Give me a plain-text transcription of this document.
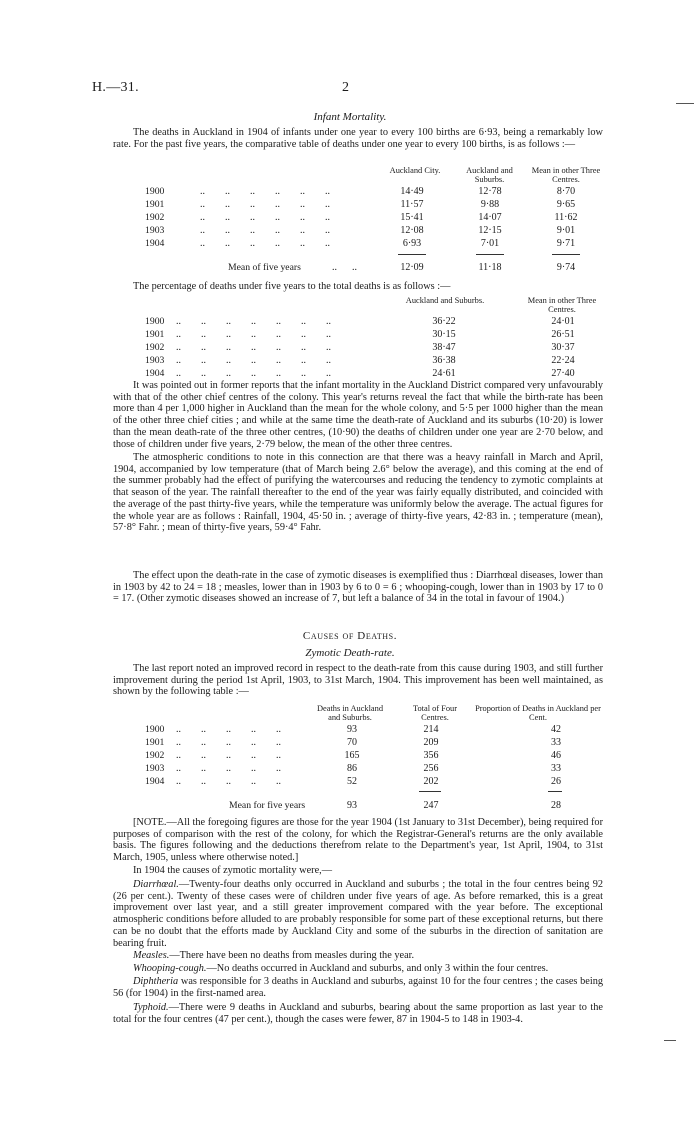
H.—31.	2
Infant Mortality.

The deaths in Auckland in 1904 of infants under one year to every 100 births are 6·93, being a remarkably low rate. For the past five years, the comparative table of deaths under one year to every 100 births, is as follows :—

Auckland City.	Auckland and Suburbs.
Mean in other Three Centres.
1900	..        ..        ..        ..        ..        ..	14·49	12·78	8·70
1901	..        ..        ..        ..        ..        ..	11·57	9·88	9·65
1902	..        ..        ..        ..        ..        ..	15·41	14·07	11·62
1903	..        ..        ..        ..        ..        ..	12·08	12·15	9·01
1904	..        ..        ..        ..        ..        ..	6·93	7·01	9·71
Mean of five years	..      ..	12·09	11·18	9·74

The percentage of deaths under five years to the total deaths is as follows :—

Auckland and Suburbs.	Mean in other Three Centres.
1900 ..        ..        ..        ..        ..        ..        ..	36·22	24·01
1901 ..        ..        ..        ..        ..        ..        ..	30·15	26·51
1902 ..        ..        ..        ..        ..        ..        ..	38·47	30·37
1903 ..        ..        ..        ..        ..        ..        ..	36·38	22·24
1904 ..        ..        ..        ..        ..        ..        ..	24·61	27·40

It was pointed out in former reports that the infant mortality in the Auckland District compared very unfavourably with that of the other chief centres of the colony. This year's returns reveal the fact that while the birth-rate has been more than 4 per 1,000 higher in Auckland than the mean for the whole colony, and 5·5 per 1000 higher than the mean of the other three chief cities ; and while at the same time the death-rate of Auckland and its suburbs (10·20) is lower than the mean death-rate of the three other centres, (10·90) the deaths of children under one year are 2·70 below, and those of children under five years, 2·79 below, the mean of the other three centres.

The atmospheric conditions to note in this connection are that there was a heavy rainfall in March and April, 1904, accompanied by low temperature (that of March being 2.6° below the average), and this coming at the end of the summer probably had the effect of purifying the watercourses and reducing the tendency to zymotic complaints at that season of the year. The rainfall thereafter to the end of the year was fairly equally distributed, and coincided with the average of the past thirty-five years, while the temperature was uniformly below the average. The actual figures for the whole year are as follows : Rainfall, 1904, 45·50 in. ; average of thirty-five years, 42·83 in. ; temperature (mean), 57·8° Fahr. ; mean of thirty-five years, 59·4° Fahr.

The effect upon the death-rate in the case of zymotic diseases is exemplified thus : Diarrhœal diseases, lower than in 1903 by 42 to 24 = 18 ; measles, lower than in 1903 by 6 to 0 = 6 ; whooping-cough, lower than in 1903 by 17 to 0 = 17. (Other zymotic diseases showed an increase of 7, but left a balance of 34 in the total in favour of 1904.)

Causes of Deaths.
Zymotic Death-rate.

The last report noted an improved record in respect to the death-rate from this cause during 1903, and still further improvement during the period 1st April, 1903, to 31st March, 1904. This improvement has been well maintained, as shown by the following table :—

Deaths in Auckland and Suburbs.
Total of Four Centres.
Proportion of Deaths in Auckland per Cent.
1900 ..        ..        ..        ..        ..	93	214	42
1901 ..        ..        ..        ..        ..	70	209	33
1902 ..        ..        ..        ..        ..	165	356	46
1903 ..        ..        ..        ..        ..	86	256	33
1904 ..        ..        ..        ..        ..	52	202	26
Mean for five years	93	247	28

[NOTE.—All the foregoing figures are those for the year 1904 (1st January to 31st December), being required for purposes of comparison with the rest of the colony, for which the Registrar-General's returns are the only available basis. The figures following and the deductions therefrom relate to the Department's year, 1st April, 1904, to 31st March, 1905, unless where otherwise noted.]

In 1904 the causes of zymotic mortality were,—

Diarrhœal.—Twenty-four deaths only occurred in Auckland and suburbs ; the total in the four centres being 92 (26 per cent.). Twenty of these cases were of children under five years of age. As before remarked, this is a great improvement over last year, and a still greater improvement compared with the year before. The exceptional atmospheric conditions before alluded to are probably responsible for some part of these exceptional returns, but there can be no doubt that the efforts made by Auckland City and some of the suburbs in the direction of sanitation are bearing fruit.

Measles.—There have been no deaths from measles during the year.

Whooping-cough.—No deaths occurred in Auckland and suburbs, and only 3 within the four centres.

Diphtheria was responsible for 3 deaths in Auckland and suburbs, against 10 for the four centres ; the cases being 56 (for 1904) in the first-named area.

Typhoid.—There were 9 deaths in Auckland and suburbs, bearing about the same proportion as last year to the total for the four centres (47 per cent.), though the cases were fewer, 87 in 1904-5 to 148 in 1903-4.
